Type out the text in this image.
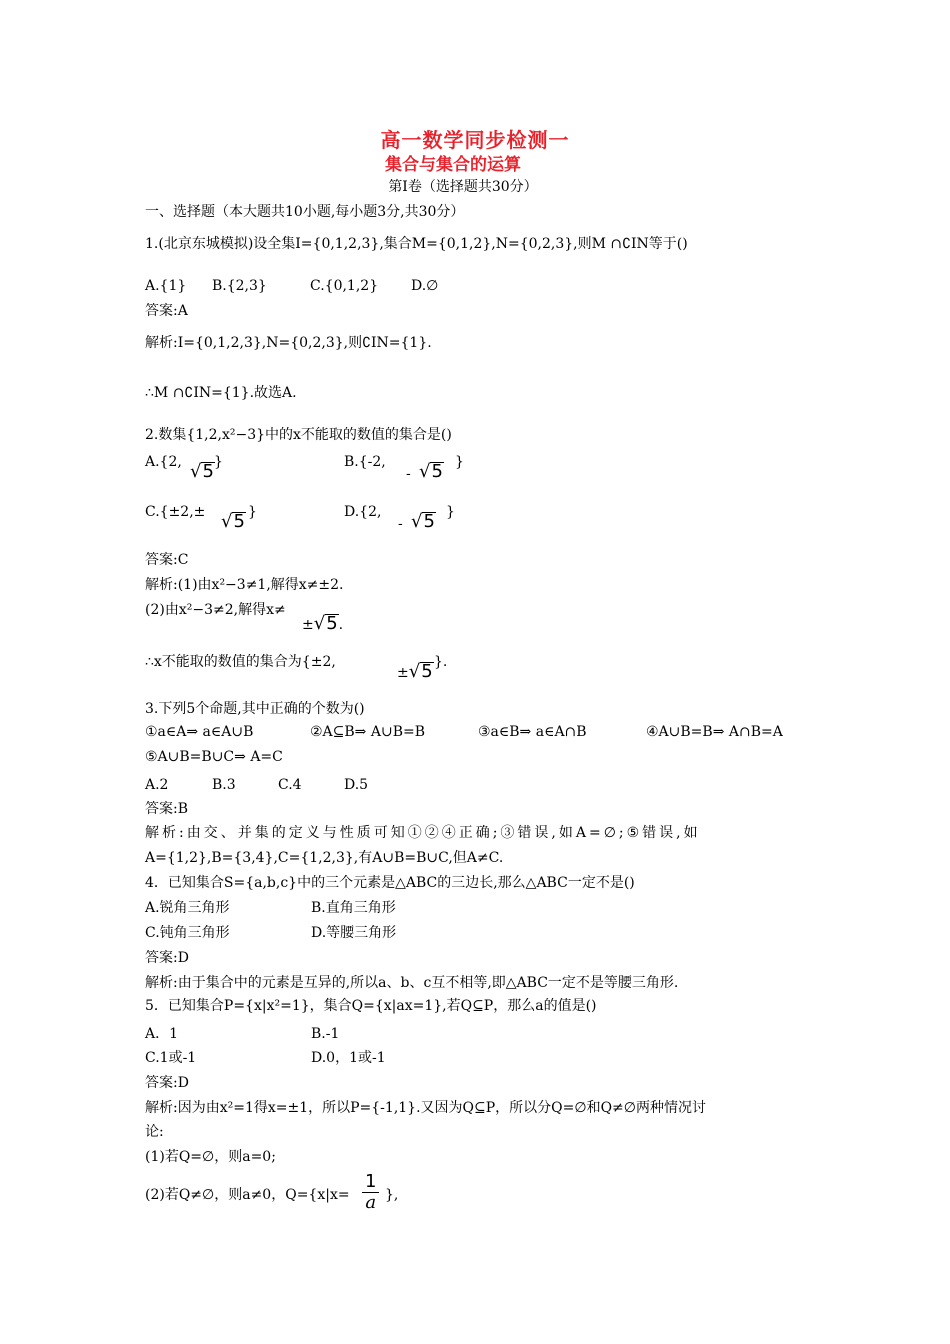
高一数学同步检测一
集合与集合的运算
第Ⅰ卷（选择题共30分）
一、选择题（本大题共10小题,每小题3分,共30分）
1.(北京东城模拟)设全集I={0,1,2,3},集合M={0,1,2},N={0,2,3},则M ∩∁IN等于()
A.{1} B.{2,3}	C.{0,1,2} D.∅
答案:A
解析:I={0,1,2,3},N={0,2,3},则∁IN={1}.
∴M ∩∁IN={1}.故选A.
2.数集{1,2,x²−3}中的x不能取的数值的集合是()
A.{2, √5 }	B.{-2,
- √5 }
C.{±2,± √5 }	D.{2,
- √5 }
答案:C
解析:(1)由x²−3≠1,解得x≠±2.
(2)由x²−3≠2,解得x≠
±√5.
∴x不能取的数值的集合为{±2,
±√5 }.
3.下列5个命题,其中正确的个数为()
①a∈A⇒ a∈A∪B	②A⊆B⇒ A∪B=B	③a∈B⇒ a∈A∩B	④A∪B=B⇒ A∩B=A
⑤A∪B=B∪C⇒ A=C
A.2	B.3	C.4	D.5
答案:B
解析:由交、并集的定义与性质可知①②④正确;③错误,如A=∅;⑤错误,如
A={1,2},B={3,4},C={1,2,3},有A∪B=B∪C,但A≠C.
4．已知集合S={a,b,c}中的三个元素是△ABC的三边长,那么△ABC一定不是()
A.锐角三角形	B.直角三角形
C.钝角三角形	D.等腰三角形
答案:D
解析:由于集合中的元素是互异的,所以a、b、c互不相等,即△ABC一定不是等腰三角形.
5．已知集合P={x|x²=1}，集合Q={x|ax=1},若Q⊆P，那么a的值是()
A．1	B.-1
C.1或-1	D.0，1或-1
答案:D
解析:因为由x²=1得x=±1，所以P={-1,1}.又因为Q⊆P，所以分Q=∅和Q≠∅两种情况讨
论:
(1)若Q=∅，则a=0;
(2)若Q≠∅，则a≠0，$Q=\{x|x= \frac{1}{a}$ },
